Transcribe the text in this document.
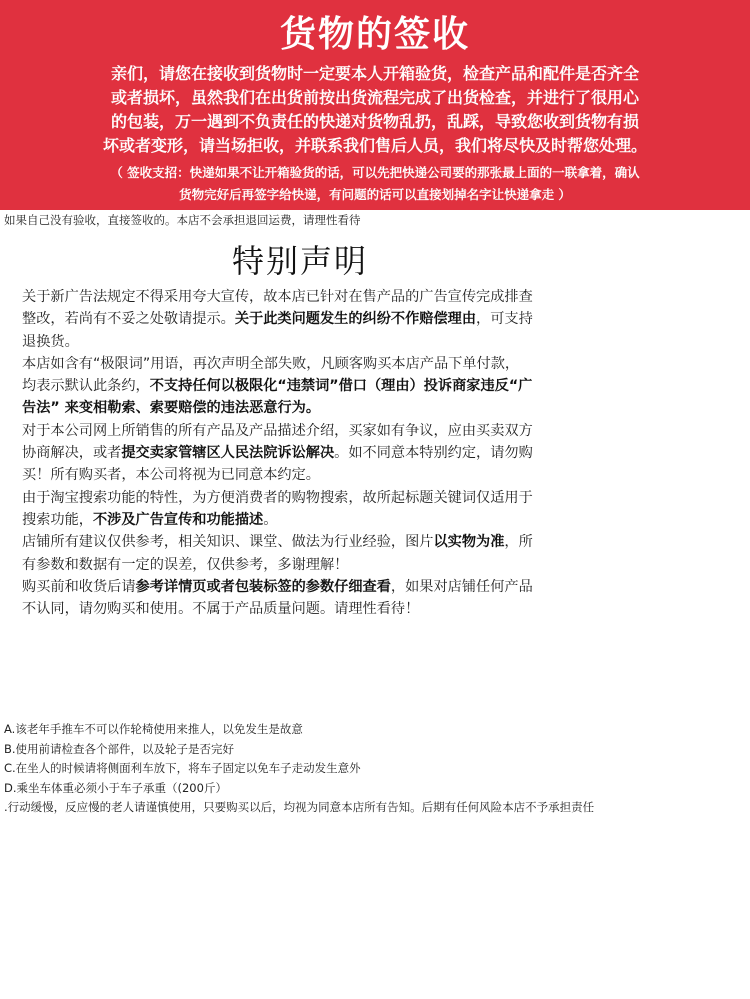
货物的签收
亲们，请您在接收到货物时一定要本人开箱验货，检查产品和配件是否齐全
或者损坏，虽然我们在出货前按出货流程完成了出货检查，并进行了很用心
的包装，万一遇到不负责任的快递对货物乱扔，乱踩，导致您收到货物有损
坏或者变形，请当场拒收，并联系我们售后人员，我们将尽快及时帮您处理。
（ 签收支招：快递如果不让开箱验货的话，可以先把快递公司要的那张最上面的一联拿着，确认
货物完好后再签字给快递，有问题的话可以直接划掉名字让快递拿走 ）
如果自己没有验收，直接签收的。本店不会承担退回运费，请理性看待
特别声明
关于新广告法规定不得采用夸大宣传，故本店已针对在售产品的广告宣传完成排查
整改，若尚有不妥之处敬请提示。关于此类问题发生的纠纷不作赔偿理由，可支持
退换货。
本店如含有“极限词”用语，再次声明全部失败，凡顾客购买本店产品下单付款，
均表示默认此条约，不支持任何以极限化“违禁词”借口（理由）投诉商家违反“广
告法” 来变相勒索、索要赔偿的违法恶意行为。
对于本公司网上所销售的所有产品及产品描述介绍，买家如有争议，应由买卖双方
协商解决，或者提交卖家管辖区人民法院诉讼解决。如不同意本特别约定，请勿购
买！所有购买者，本公司将视为已同意本约定。
由于淘宝搜索功能的特性，为方便消费者的购物搜索，故所起标题关键词仅适用于
搜索功能，不涉及广告宣传和功能描述。
店铺所有建议仅供参考，相关知识、课堂、做法为行业经验，图片以实物为准，所
有参数和数据有一定的误差，仅供参考，多谢理解！
购买前和收货后请参考详情页或者包装标签的参数仔细查看，如果对店铺任何产品
不认同，请勿购买和使用。不属于产品质量问题。请理性看待！
A.该老年手推车不可以作轮椅使用来推人，以免发生是故意
B.使用前请检查各个部件，以及轮子是否完好
C.在坐人的时候请将侧面利车放下，将车子固定以免车子走动发生意外
D.乘坐车体重必须小于车子承重（(200斤）
.行动缓慢，反应慢的老人请谨慎使用，只要购买以后，均视为同意本店所有告知。后期有任何风险本店不予承担责任
